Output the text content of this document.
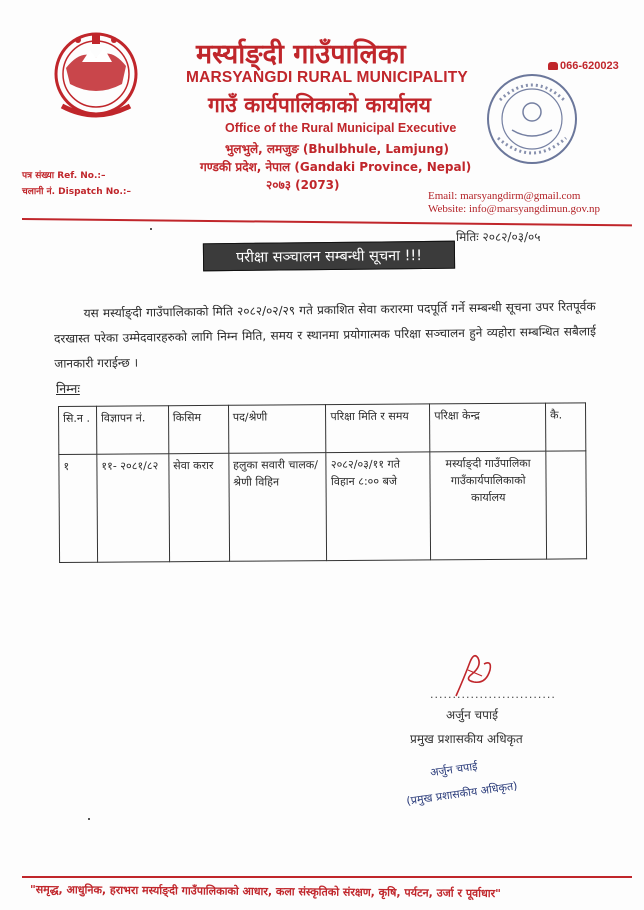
मर्स्याङ्दी गाउँपालिका
MARSYANGDI RURAL MUNICIPALITY
गाउँ कार्यपालिकाको कार्यालय
Office of the Rural Municipal Executive
भुलभुले, लमजुङ (Bhulbhule, Lamjung)
गण्डकी प्रदेश, नेपाल (Gandaki Province, Nepal)
२०७३ (2073)
066-620023
पत्र संख्या Ref. No.:–
चलानी नं. Dispatch No.:–	Email: marsyangdirm@gmail.com
Website: info@marsyangdimun.gov.np
मितिः २०८२/०३/०५
परीक्षा सञ्चालन सम्बन्धी सूचना !!!

यस मर्स्याङ्दी गाउँपालिकाको मिति २०८२/०२/२९ गते प्रकाशित सेवा करारमा पदपूर्ति गर्ने सम्बन्धी सूचना उपर रितपूर्वक दरखास्त परेका उम्मेदवारहरुको लागि निम्न मिति, समय र स्थानमा प्रयोगात्मक परिक्षा सञ्चालन हुने व्यहोरा सम्बन्धित सबैलाई जानकारी गराईन्छ ।

निम्नः
सि.न .	विज्ञापन नं.	किसिम	पद/श्रेणी	परिक्षा मिति र समय	परिक्षा केन्द्र	कै.
१	११- २०८१/८२	सेवा करार	हलुका सवारी चालक/ श्रेणी विहिन	२०८२/०३/११ गते विहान ८:०० बजे	मर्स्याङ्दी गाउँपालिका गाउँकार्यपालिकाको कार्यालय	
............................
अर्जुन चपाई
प्रमुख प्रशासकीय अधिकृत
अर्जुन चपाई
(प्रमुख प्रशासकीय अधिकृत)
"समृद्ध, आधुनिक, हराभरा मर्स्याङ्दी गाउँपालिकाको आधार, कला संस्कृतिको संरक्षण, कृषि, पर्यटन, उर्जा र पूर्वाधार"
